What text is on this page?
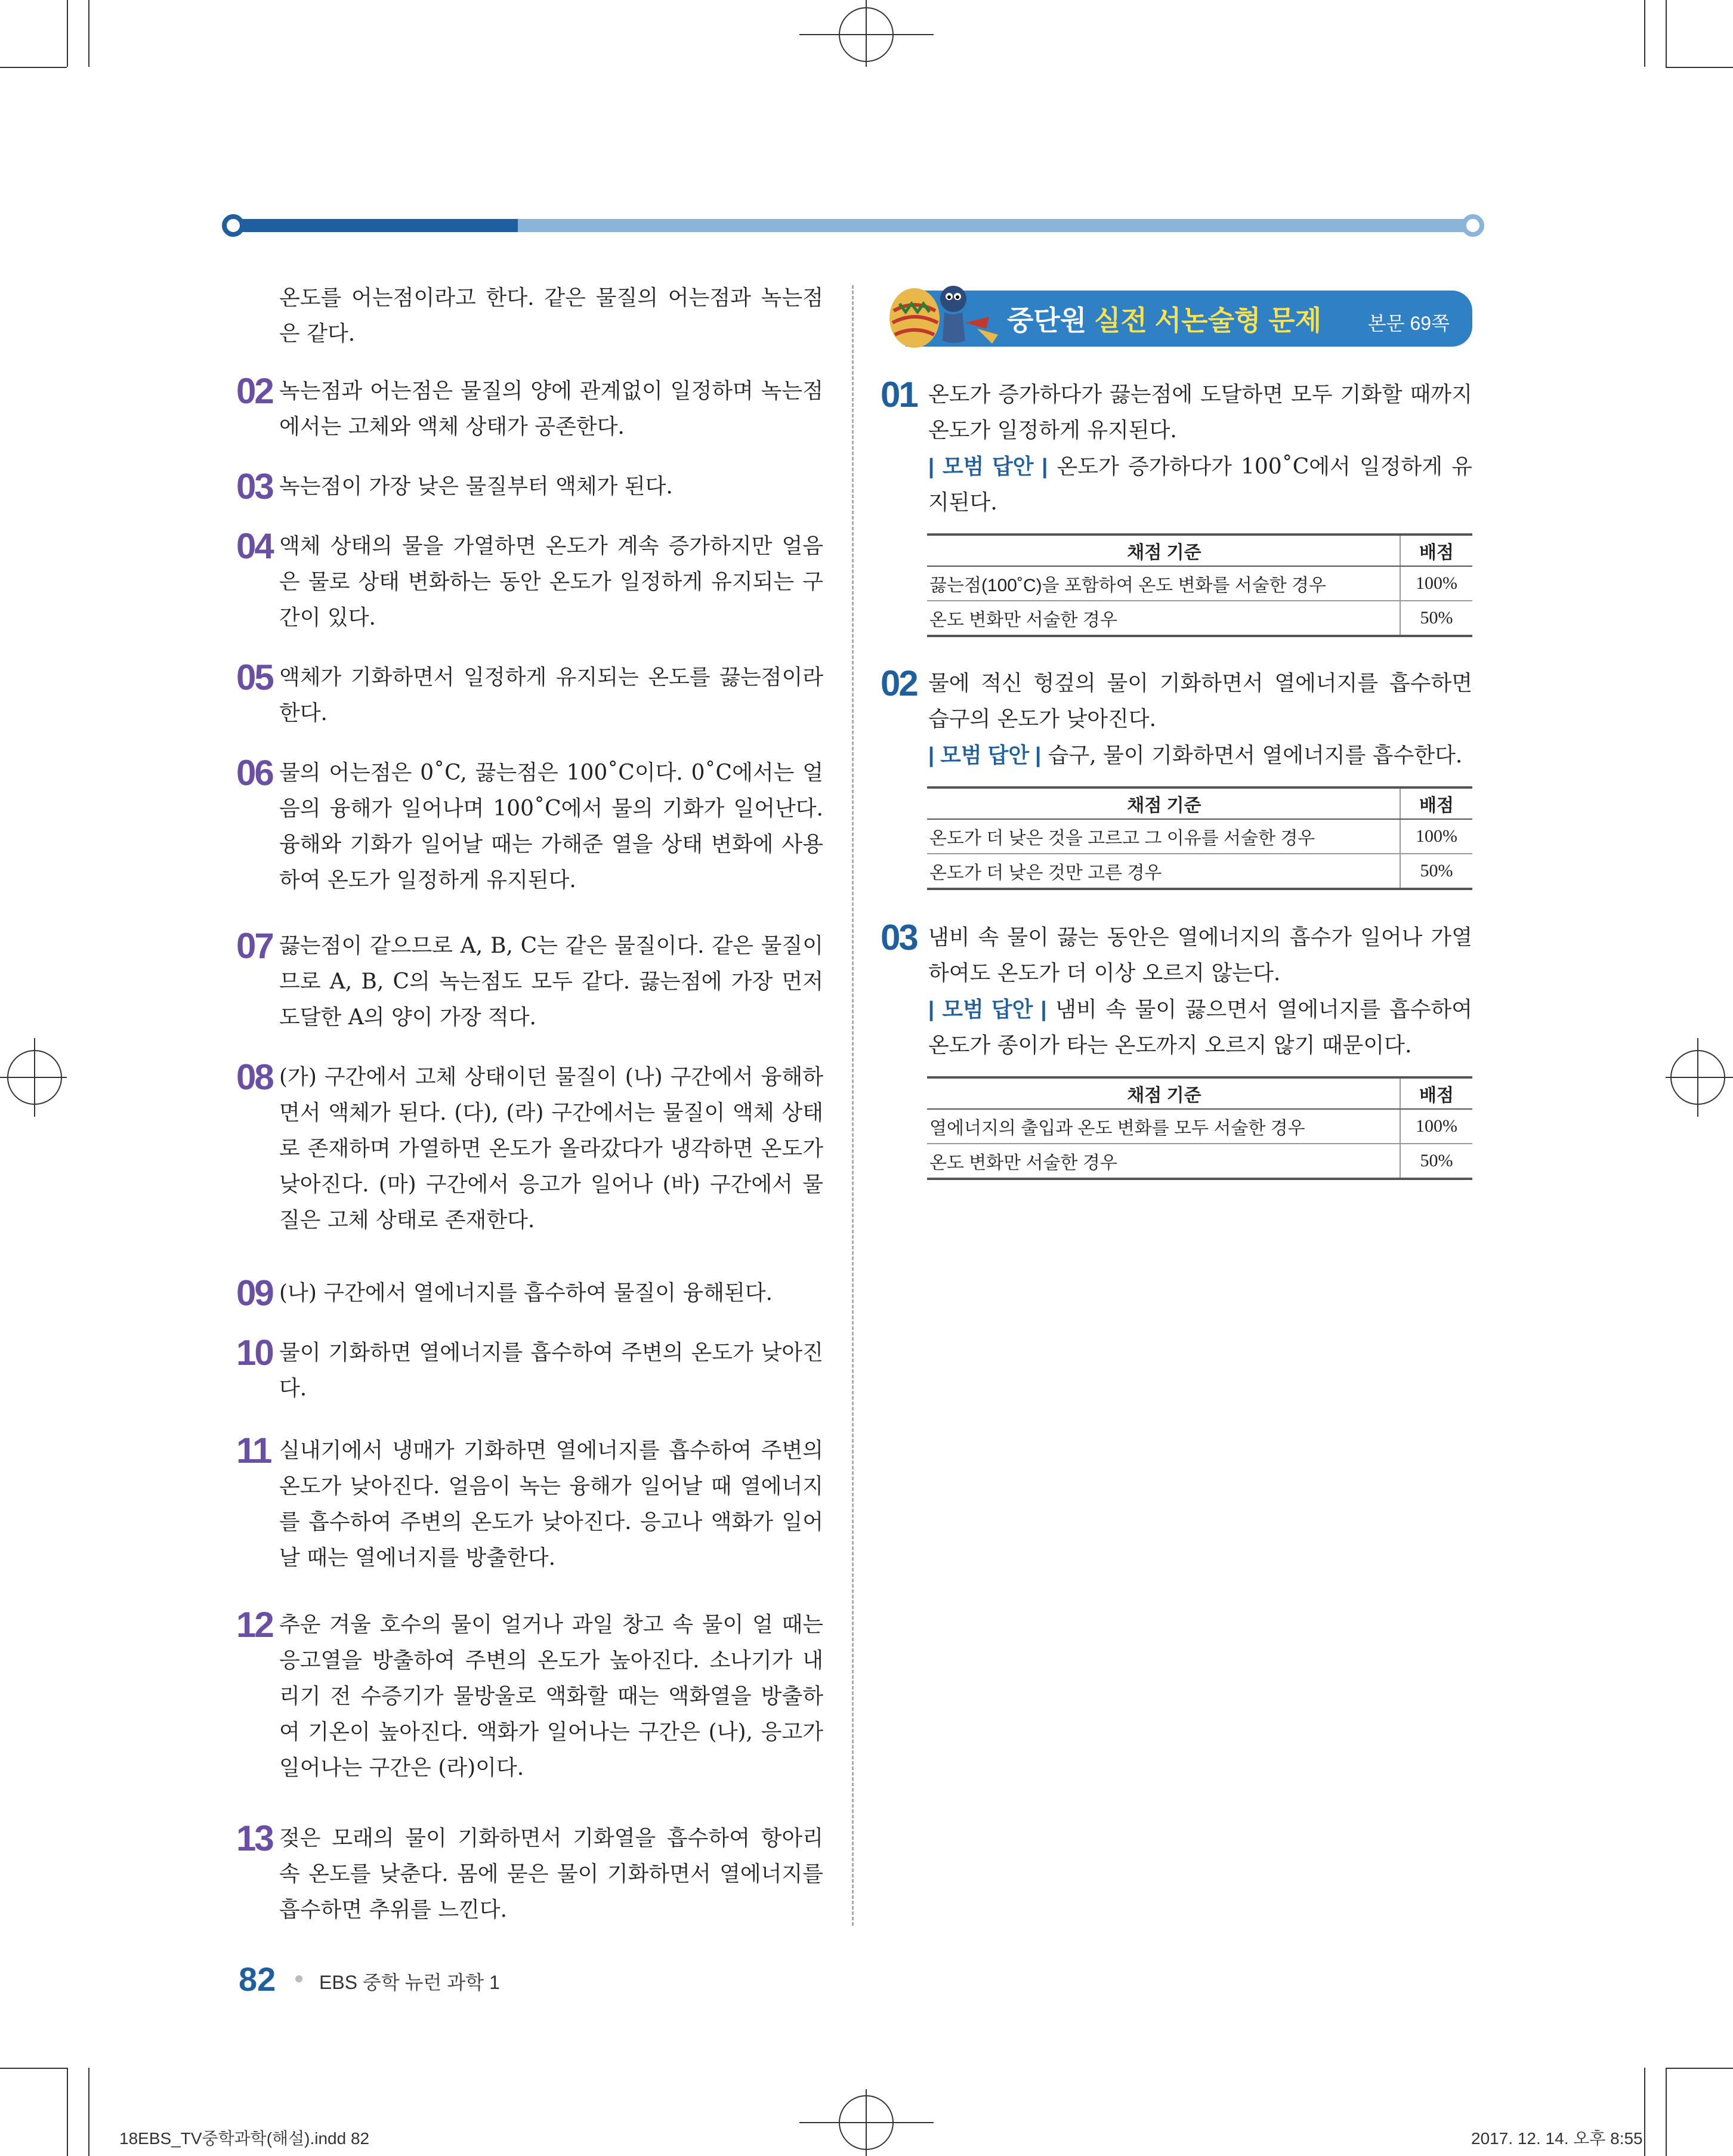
온도를 어는점이라고 한다. 같은 물질의 어는점과 녹는점은 같다.
02 녹는점과 어는점은 물질의 양에 관계없이 일정하며 녹는점에서는 고체와 액체 상태가 공존한다.
03 녹는점이 가장 낮은 물질부터 액체가 된다.
04 액체 상태의 물을 가열하면 온도가 계속 증가하지만 얼음은 물로 상태 변화하는 동안 온도가 일정하게 유지되는 구간이 있다.
05 액체가 기화하면서 일정하게 유지되는 온도를 끓는점이라 한다.
06 물의 어는점은 0˚C, 끓는점은 100˚C이다. 0˚C에서는 얼음의 융해가 일어나며 100˚C에서 물의 기화가 일어난다. 융해와 기화가 일어날 때는 가해준 열을 상태 변화에 사용하여 온도가 일정하게 유지된다.
07 끓는점이 같으므로 A, B, C는 같은 물질이다. 같은 물질이므로 A, B, C의 녹는점도 모두 같다. 끓는점에 가장 먼저 도달한 A의 양이 가장 적다.
08 (가) 구간에서 고체 상태이던 물질이 (나) 구간에서 융해하면서 액체가 된다. (다), (라) 구간에서는 물질이 액체 상태로 존재하며 가열하면 온도가 올라갔다가 냉각하면 온도가 낮아진다. (마) 구간에서 응고가 일어나 (바) 구간에서 물질은 고체 상태로 존재한다.
09 (나) 구간에서 열에너지를 흡수하여 물질이 융해된다.
10 물이 기화하면 열에너지를 흡수하여 주변의 온도가 낮아진다.
11 실내기에서 냉매가 기화하면 열에너지를 흡수하여 주변의 온도가 낮아진다. 얼음이 녹는 융해가 일어날 때 열에너지를 흡수하여 주변의 온도가 낮아진다. 응고나 액화가 일어날 때는 열에너지를 방출한다.
12 추운 겨울 호수의 물이 얼거나 과일 창고 속 물이 얼 때는 응고열을 방출하여 주변의 온도가 높아진다. 소나기가 내리기 전 수증기가 물방울로 액화할 때는 액화열을 방출하여 기온이 높아진다. 액화가 일어나는 구간은 (나), 응고가 일어나는 구간은 (라)이다.
13 젖은 모래의 물이 기화하면서 기화열을 흡수하여 항아리 속 온도를 낮춘다. 몸에 묻은 물이 기화하면서 열에너지를 흡수하면 추위를 느낀다.
중단원 실전 서논술형 문제 본문 69쪽
01 온도가 증가하다가 끓는점에 도달하면 모두 기화할 때까지 온도가 일정하게 유지된다.
| 모범 답안 | 온도가 증가하다가 100˚C에서 일정하게 유지된다.
채점 기준	배점
끓는점(100˚C)을 포함하여 온도 변화를 서술한 경우	100%
온도 변화만 서술한 경우	50%
02 물에 적신 헝겊의 물이 기화하면서 열에너지를 흡수하면 습구의 온도가 낮아진다.
| 모범 답안 | 습구, 물이 기화하면서 열에너지를 흡수한다.
채점 기준	배점
온도가 더 낮은 것을 고르고 그 이유를 서술한 경우	100%
온도가 더 낮은 것만 고른 경우	50%
03 냄비 속 물이 끓는 동안은 열에너지의 흡수가 일어나 가열하여도 온도가 더 이상 오르지 않는다.
| 모범 답안 | 냄비 속 물이 끓으면서 열에너지를 흡수하여 온도가 종이가 타는 온도까지 오르지 않기 때문이다.
채점 기준	배점
열에너지의 출입과 온도 변화를 모두 서술한 경우	100%
온도 변화만 서술한 경우	50%
82 EBS 중학 뉴런 과학 1
18EBS_TV중학과학(해설).indd 82	2017. 12. 14. 오후 8:55
